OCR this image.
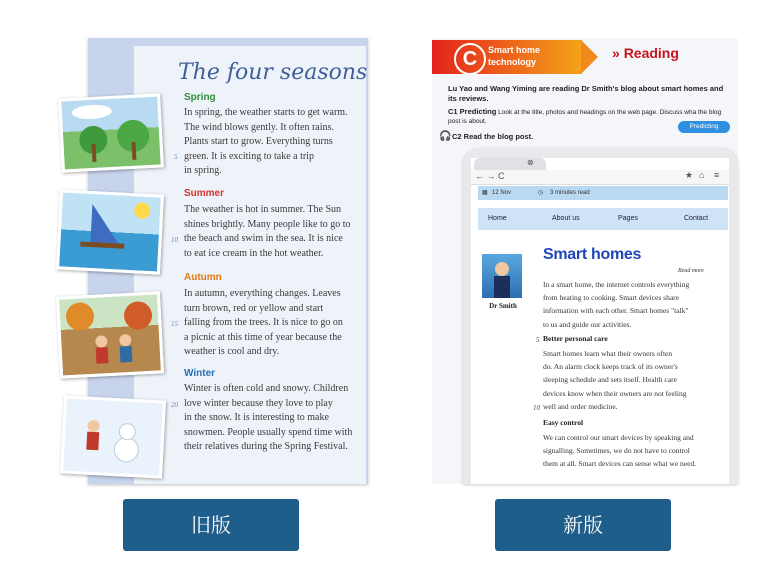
The four seasons
Spring
In spring, the weather starts to get warm.
The wind blows gently. It often rains.
Plants start to grow. Everything turns
green. It is exciting to take a trip
in spring.
5
Summer
The weather is hot in summer. The Sun
shines brightly. Many people like to go to
the beach and swim in the sea. It is nice
to eat ice cream in the hot weather.
10
Autumn
In autumn, everything changes. Leaves
turn brown, red or yellow and start
falling from the trees. It is nice to go on
a picnic at this time of year because the
weather is cool and dry.
15
Winter
Winter is often cold and snowy. Children
love winter because they love to play
in the snow. It is interesting to make
snowmen. People usually spend time with
their relatives during the Spring Festival.
20
C	Smart home technology
» Reading
Lu Yao and Wang Yiming are reading Dr Smith's blog about smart homes and its reviews.
C1 Predicting Look at the title, photos and headings on the web page. Discuss wha the blog post is about.
Predicting
🎧 C2 Read the blog post.
⊗
← → C	★ ⌂ ≡
▦ 12 Nov	◷ 3 minutes read
Home	About us	Pages	Contact
Dr Smith
Smart homes
Read more
In a smart home, the internet controls everything
from heating to cooking. Smart devices share
information with each other. Smart homes "talk"
to us and guide our activities.
5 Better personal care
Smart homes learn what their owners often
do. An alarm clock keeps track of its owner's
sleeping schedule and sets itself. Health care
devices know when their owners are not feeling
well and order medicine.
10
Easy control
We can control our smart devices by speaking and
signalling. Sometimes, we do not have to control
them at all. Smart devices can sense what we need.
旧版	新版
